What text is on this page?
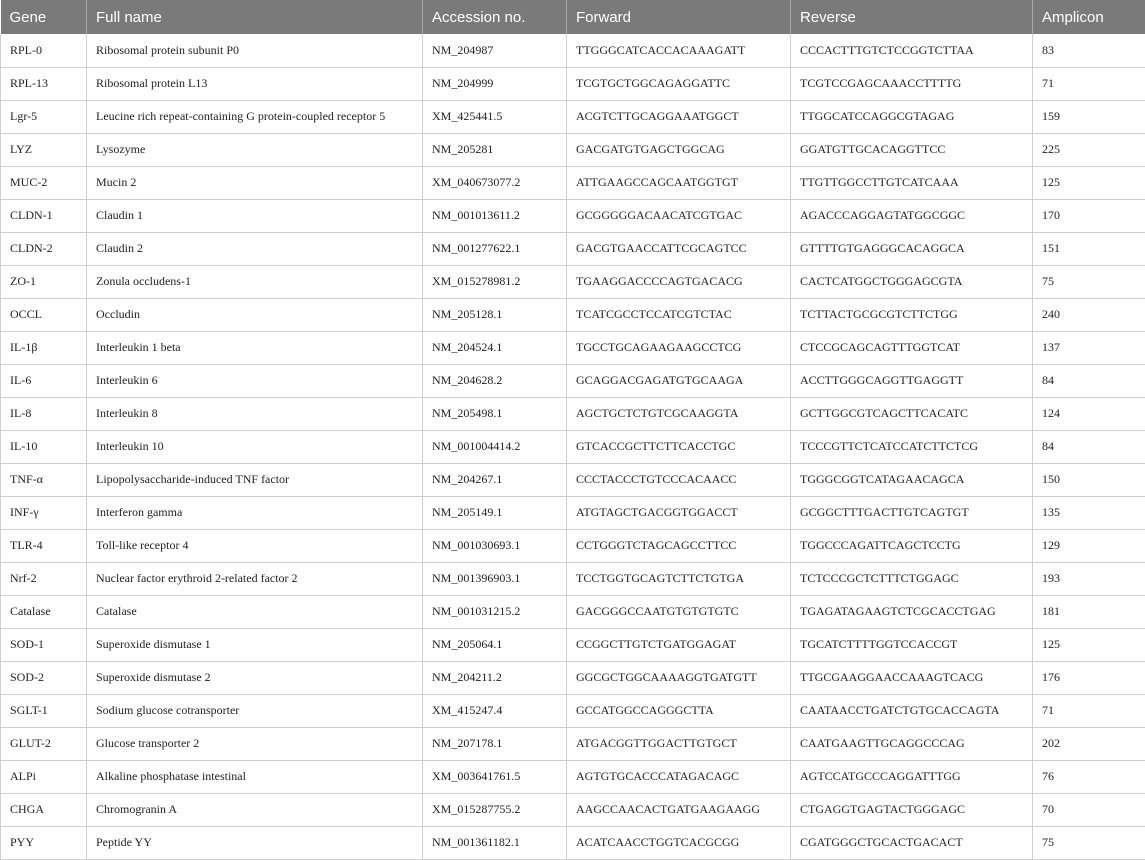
Gene	Full name	Accession no.	Forward	Reverse	Amplicon
RPL-0	Ribosomal protein subunit P0	NM_204987	TTGGGCATCACCACAAAGATT	CCCACTTTGTCTCCGGTCTTAA	83
RPL-13	Ribosomal protein L13	NM_204999	TCGTGCTGGCAGAGGATTC	TCGTCCGAGCAAACCTTTTG	71
Lgr-5	Leucine rich repeat-containing G protein-coupled receptor 5	XM_425441.5	ACGTCTTGCAGGAAATGGCT	TTGGCATCCAGGCGTAGAG	159
LYZ	Lysozyme	NM_205281	GACGATGTGAGCTGGCAG	GGATGTTGCACAGGTTCC	225
MUC-2	Mucin 2	XM_040673077.2	ATTGAAGCCAGCAATGGTGT	TTGTTGGCCTTGTCATCAAA	125
CLDN-1	Claudin 1	NM_001013611.2	GCGGGGGACAACATCGTGAC	AGACCCAGGAGTATGGCGGC	170
CLDN-2	Claudin 2	NM_001277622.1	GACGTGAACCATTCGCAGTCC	GTTTTGTGAGGGCACAGGCA	151
ZO-1	Zonula occludens-1	XM_015278981.2	TGAAGGACCCCAGTGACACG	CACTCATGGCTGGGAGCGTA	75
OCCL	Occludin	NM_205128.1	TCATCGCCTCCATCGTCTAC	TCTTACTGCGCGTCTTCTGG	240
IL-1β	Interleukin 1 beta	NM_204524.1	TGCCTGCAGAAGAAGCCTCG	CTCCGCAGCAGTTTGGTCAT	137
IL-6	Interleukin 6	NM_204628.2	GCAGGACGAGATGTGCAAGA	ACCTTGGGCAGGTTGAGGTT	84
IL-8	Interleukin 8	NM_205498.1	AGCTGCTCTGTCGCAAGGTA	GCTTGGCGTCAGCTTCACATC	124
IL-10	Interleukin 10	NM_001004414.2	GTCACCGCTTCTTCACCTGC	TCCCGTTCTCATCCATCTTCTCG	84
TNF-α	Lipopolysaccharide-induced TNF factor	NM_204267.1	CCCTACCCTGTCCCACAACC	TGGGCGGTCATAGAACAGCA	150
INF-γ	Interferon gamma	NM_205149.1	ATGTAGCTGACGGTGGACCT	GCGGCTTTGACTTGTCAGTGT	135
TLR-4	Toll-like receptor 4	NM_001030693.1	CCTGGGTCTAGCAGCCTTCC	TGGCCCAGATTCAGCTCCTG	129
Nrf-2	Nuclear factor erythroid 2-related factor 2	NM_001396903.1	TCCTGGTGCAGTCTTCTGTGA	TCTCCCGCTCTTTCTGGAGC	193
Catalase	Catalase	NM_001031215.2	GACGGGCCAATGTGTGTGTC	TGAGATAGAAGTCTCGCACCTGAG	181
SOD-1	Superoxide dismutase 1	NM_205064.1	CCGGCTTGTCTGATGGAGAT	TGCATCTTTTGGTCCACCGT	125
SOD-2	Superoxide dismutase 2	NM_204211.2	GGCGCTGGCAAAAGGTGATGTT	TTGCGAAGGAACCAAAGTCACG	176
SGLT-1	Sodium glucose cotransporter	XM_415247.4	GCCATGGCCAGGGCTTA	CAATAACCTGATCTGTGCACCAGTA	71
GLUT-2	Glucose transporter 2	NM_207178.1	ATGACGGTTGGACTTGTGCT	CAATGAAGTTGCAGGCCCAG	202
ALPi	Alkaline phosphatase intestinal	XM_003641761.5	AGTGTGCACCCATAGACAGC	AGTCCATGCCCAGGATTTGG	76
CHGA	Chromogranin A	XM_015287755.2	AAGCCAACACTGATGAAGAAGG	CTGAGGTGAGTACTGGGAGC	70
PYY	Peptide YY	NM_001361182.1	ACATCAACCTGGTCACGCGG	CGATGGGCTGCACTGACACT	75
